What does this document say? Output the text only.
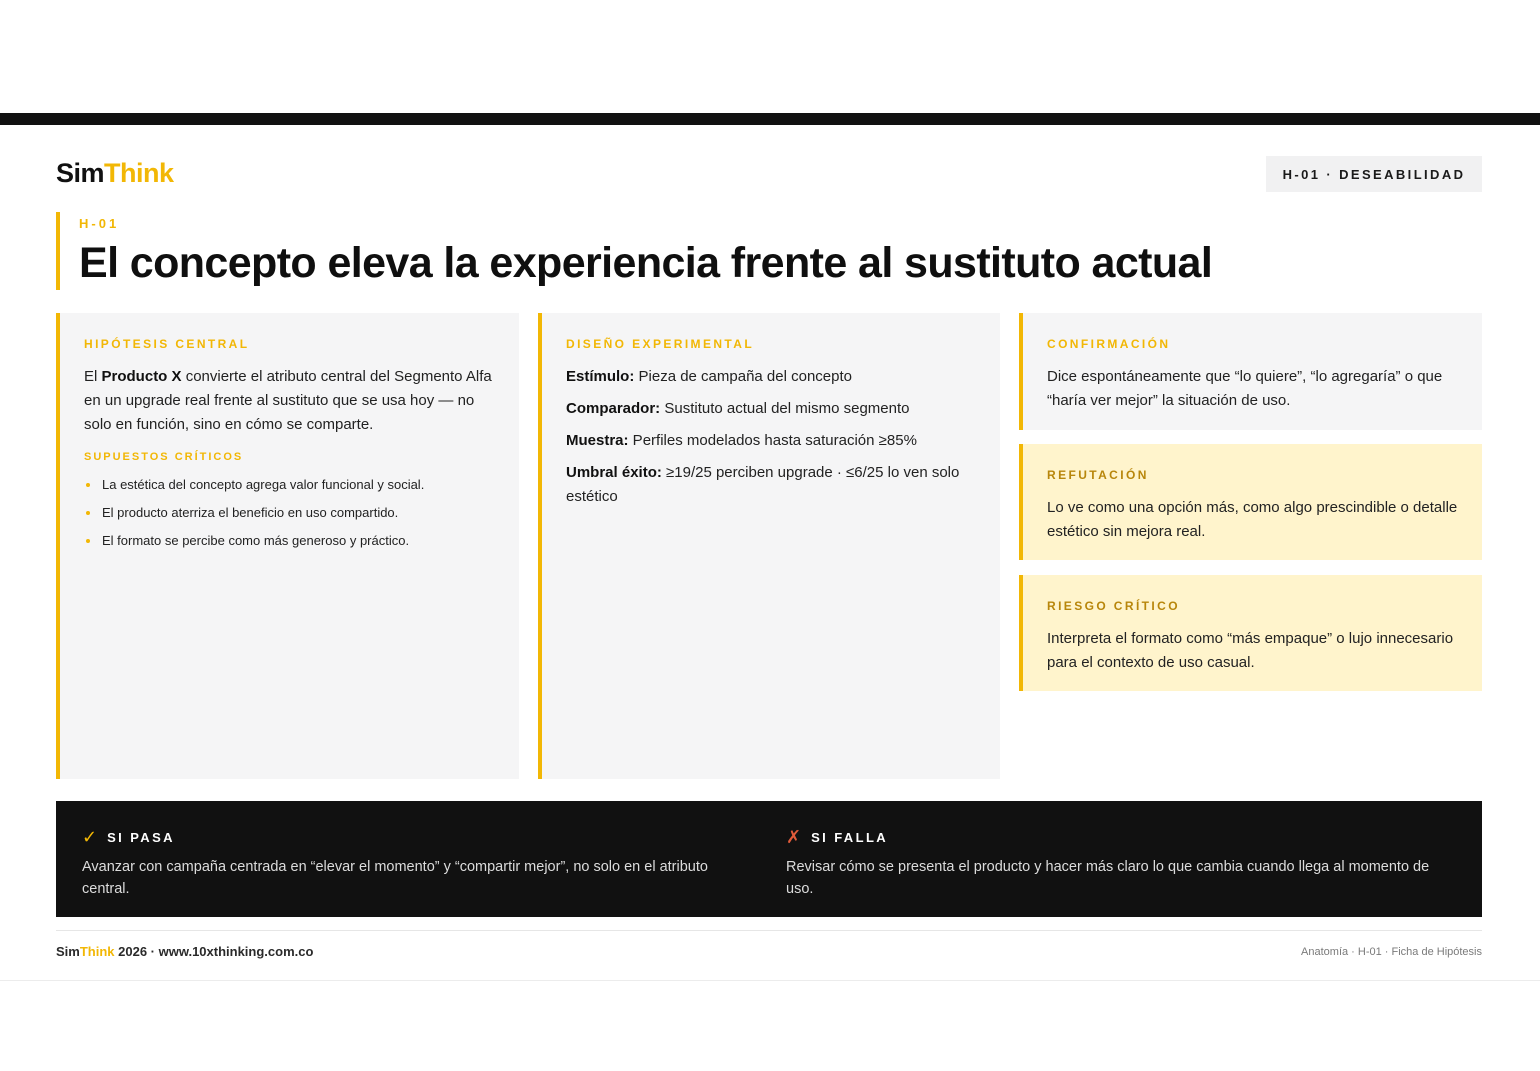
SimThink	H-01 · DESEABILIDAD
H-01
El concepto eleva la experiencia frente al sustituto actual
HIPÓTESIS CENTRAL
El Producto X convierte el atributo central del Segmento Alfa en un upgrade real frente al sustituto que se usa hoy — no solo en función, sino en cómo se comparte.
SUPUESTOS CRÍTICOS
La estética del concepto agrega valor funcional y social.
El producto aterriza el beneficio en uso compartido.
El formato se percibe como más generoso y práctico.
DISEÑO EXPERIMENTAL
Estímulo: Pieza de campaña del concepto
Comparador: Sustituto actual del mismo segmento
Muestra: Perfiles modelados hasta saturación ≥85%
Umbral éxito: ≥19/25 perciben upgrade · ≤6/25 lo ven solo estético
CONFIRMACIÓN
Dice espontáneamente que “lo quiere”, “lo agregaría” o que “haría ver mejor” la situación de uso.
REFUTACIÓN
Lo ve como una opción más, como algo prescindible o detalle estético sin mejora real.
RIESGO CRÍTICO
Interpreta el formato como “más empaque” o lujo innecesario para el contexto de uso casual.
✓ SI PASA
Avanzar con campaña centrada en “elevar el momento” y “compartir mejor”, no solo en el atributo central.
✗ SI FALLA
Revisar cómo se presenta el producto y hacer más claro lo que cambia cuando llega al momento de uso.
SimThink 2026 · www.10xthinking.com.co	Anatomía · H-01 · Ficha de Hipótesis
